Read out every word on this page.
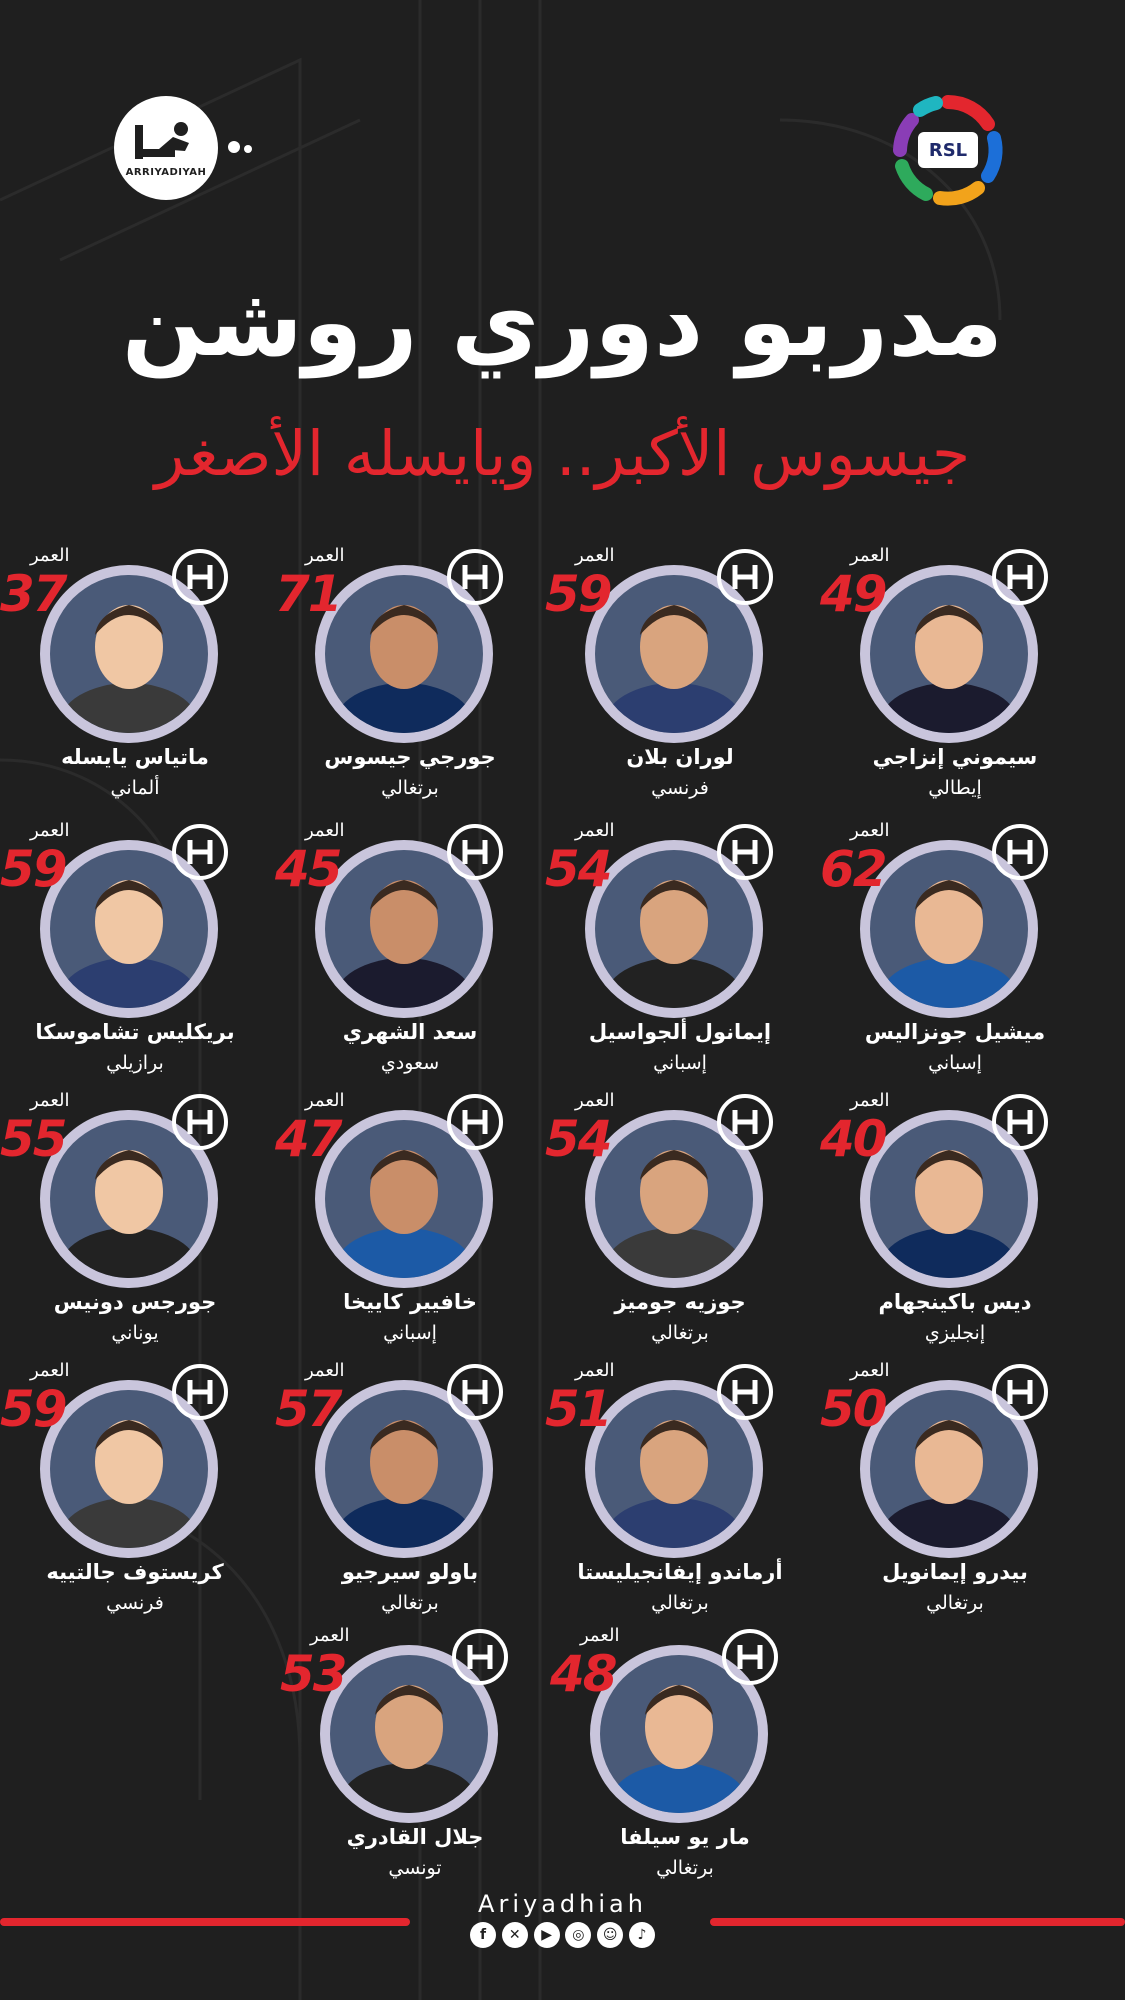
ARRIYADIYAH
RSL
مدربو دوري روشن
جيسوس الأكبر.. ويايسله الأصغر
العمر
49
سيموني إنزاجي
إيطالي
العمر
59
لوران بلان
فرنسي
العمر
71
جورجي جيسوس
برتغالي
العمر
37
ماتياس يايسله
ألماني
العمر
62
ميشيل جونزاليس
إسباني
العمر
54
إيمانول ألجواسيل
إسباني
العمر
45
سعد الشهري
سعودي
العمر
59
بريكليس تشاموسكا
برازيلي
العمر
40
ديس باكينجهام
إنجليزي
العمر
54
جوزيه جوميز
برتغالي
العمر
47
خافيير كاييخا
إسباني
العمر
55
جورجس دونيس
يوناني
العمر
50
بيدرو إيمانويل
برتغالي
العمر
51
أرماندو إيفانجيليستا
برتغالي
العمر
57
باولو سيرجيو
برتغالي
العمر
59
كريستوف جالتييه
فرنسي
العمر
48
مار يو سيلفا
برتغالي
العمر
53
جلال القادري
تونسي
Ariyadhiah
f	✕	▶	◎	☺	♪
